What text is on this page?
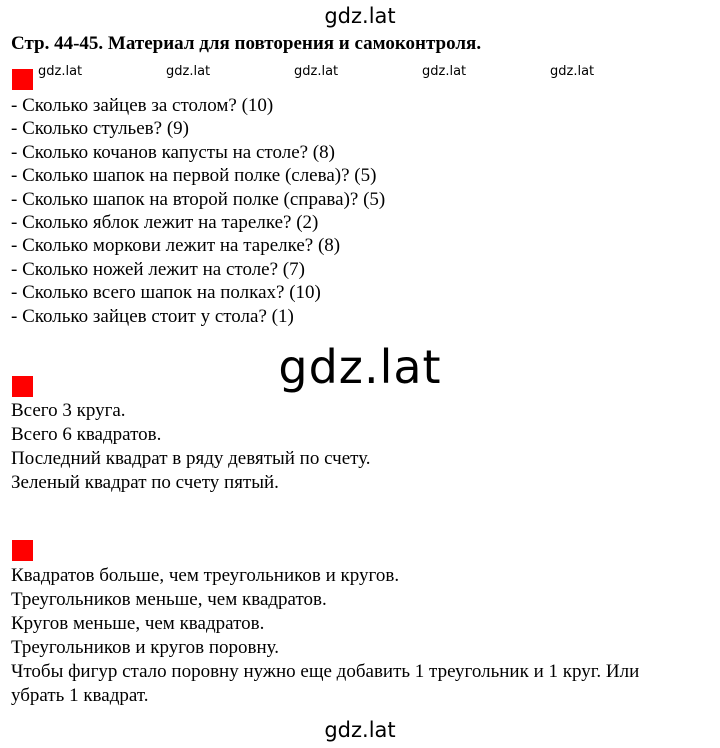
gdz.lat
Стр. 44-45. Материал для повторения и самоконтроля.
gdz.lat	gdz.lat	gdz.lat	gdz.lat	gdz.lat
- Сколько зайцев за столом? (10)
- Сколько стульев? (9)
- Сколько кочанов капусты на столе? (8)
- Сколько шапок на первой полке (слева)? (5)
- Сколько шапок на второй полке (справа)? (5)
- Сколько яблок лежит на тарелке? (2)
- Сколько моркови лежит на тарелке? (8)
- Сколько ножей лежит на столе? (7)
- Сколько всего шапок на полках? (10)
- Сколько зайцев стоит у стола? (1)
gdz.lat
Всего 3 круга.
Всего 6 квадратов.
Последний квадрат в ряду девятый по счету.
Зеленый квадрат по счету пятый.
Квадратов больше, чем треугольников и кругов.
Треугольников меньше, чем квадратов.
Кругов меньше, чем квадратов.
Треугольников и кругов поровну.
Чтобы фигур стало поровну нужно еще добавить 1 треугольник и 1 круг. Или
убрать 1 квадрат.
gdz.lat
